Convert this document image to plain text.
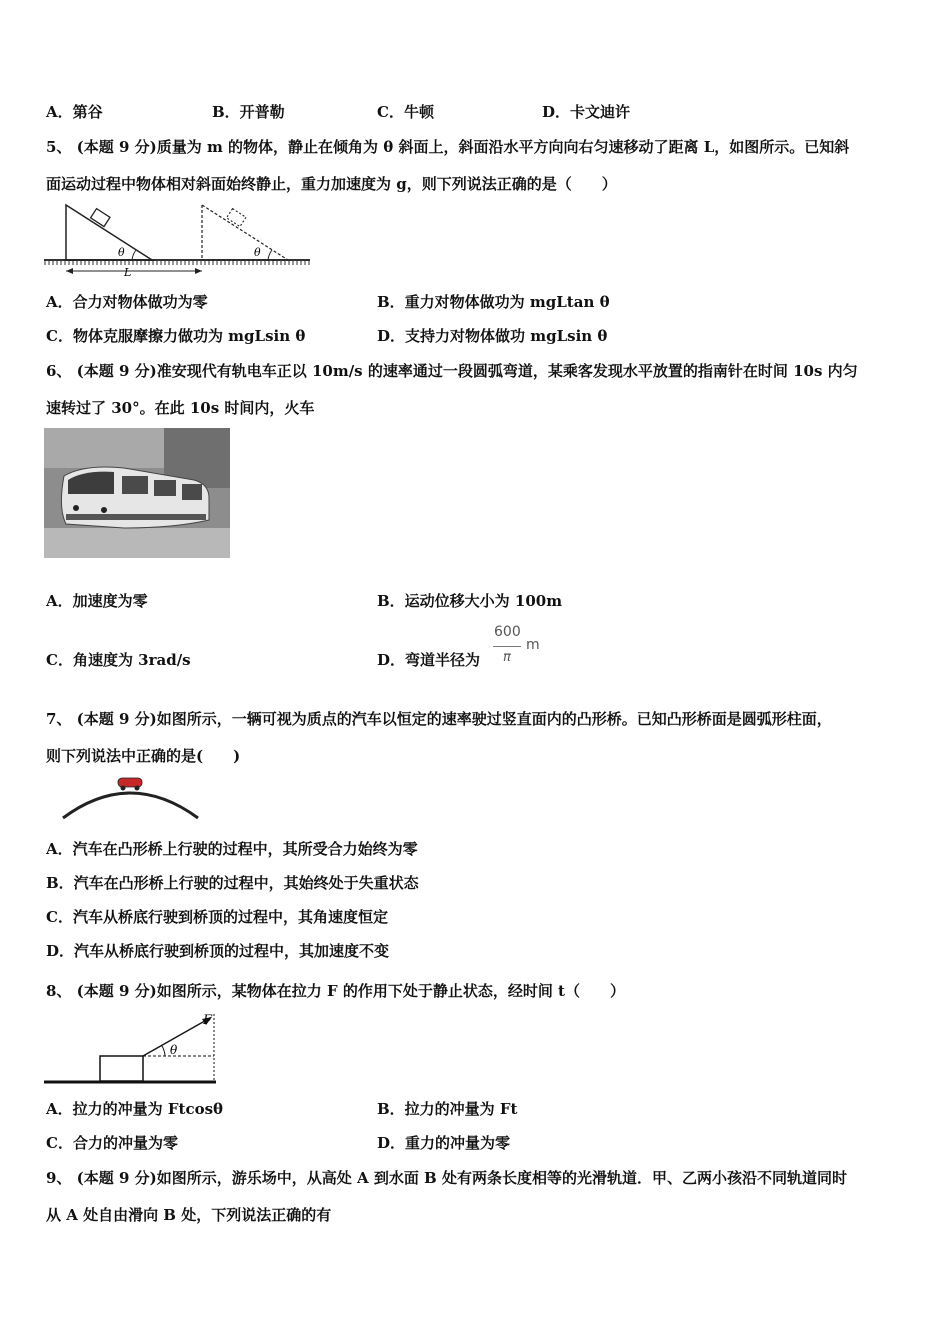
A．第谷	B．开普勒	C．牛顿	D．卡文迪许
5、 (本题 9 分)质量为 m 的物体，静止在倾角为 θ 斜面上，斜面沿水平方向向右匀速移动了距离 L，如图所示。已知斜
面运动过程中物体相对斜面始终静止，重力加速度为 g，则下列说法正确的是（　　）
θ	θ
L
A．合力对物体做功为零	B．重力对物体做功为 mgLtan θ
C．物体克服摩擦力做功为 mgLsin θ	D．支持力对物体做功 mgLsin θ
6、 (本题 9 分)准安现代有轨电车正以 10m/s 的速率通过一段圆弧弯道，某乘客发现水平放置的指南针在时间 10s 内匀
速转过了 30°。在此 10s 时间内，火车
A．加速度为零	B．运动位移大小为 100m
C．角速度为 3rad/s	D．弯道半径为
600
π
m
7、 (本题 9 分)如图所示，一辆可视为质点的汽车以恒定的速率驶过竖直面内的凸形桥。已知凸形桥面是圆弧形柱面，
则下列说法中正确的是(　　)
A．汽车在凸形桥上行驶的过程中，其所受合力始终为零
B．汽车在凸形桥上行驶的过程中，其始终处于失重状态
C．汽车从桥底行驶到桥顶的过程中，其角速度恒定
D．汽车从桥底行驶到桥顶的过程中，其加速度不变
8、 (本题 9 分)如图所示，某物体在拉力 F 的作用下处于静止状态，经时间 t（　　）
θ
F
A．拉力的冲量为 Ftcosθ	B．拉力的冲量为 Ft
C．合力的冲量为零	D．重力的冲量为零
9、 (本题 9 分)如图所示，游乐场中，从高处 A 到水面 B 处有两条长度相等的光滑轨道．甲、乙两小孩沿不同轨道同时
从 A 处自由滑向 B 处，下列说法正确的有
